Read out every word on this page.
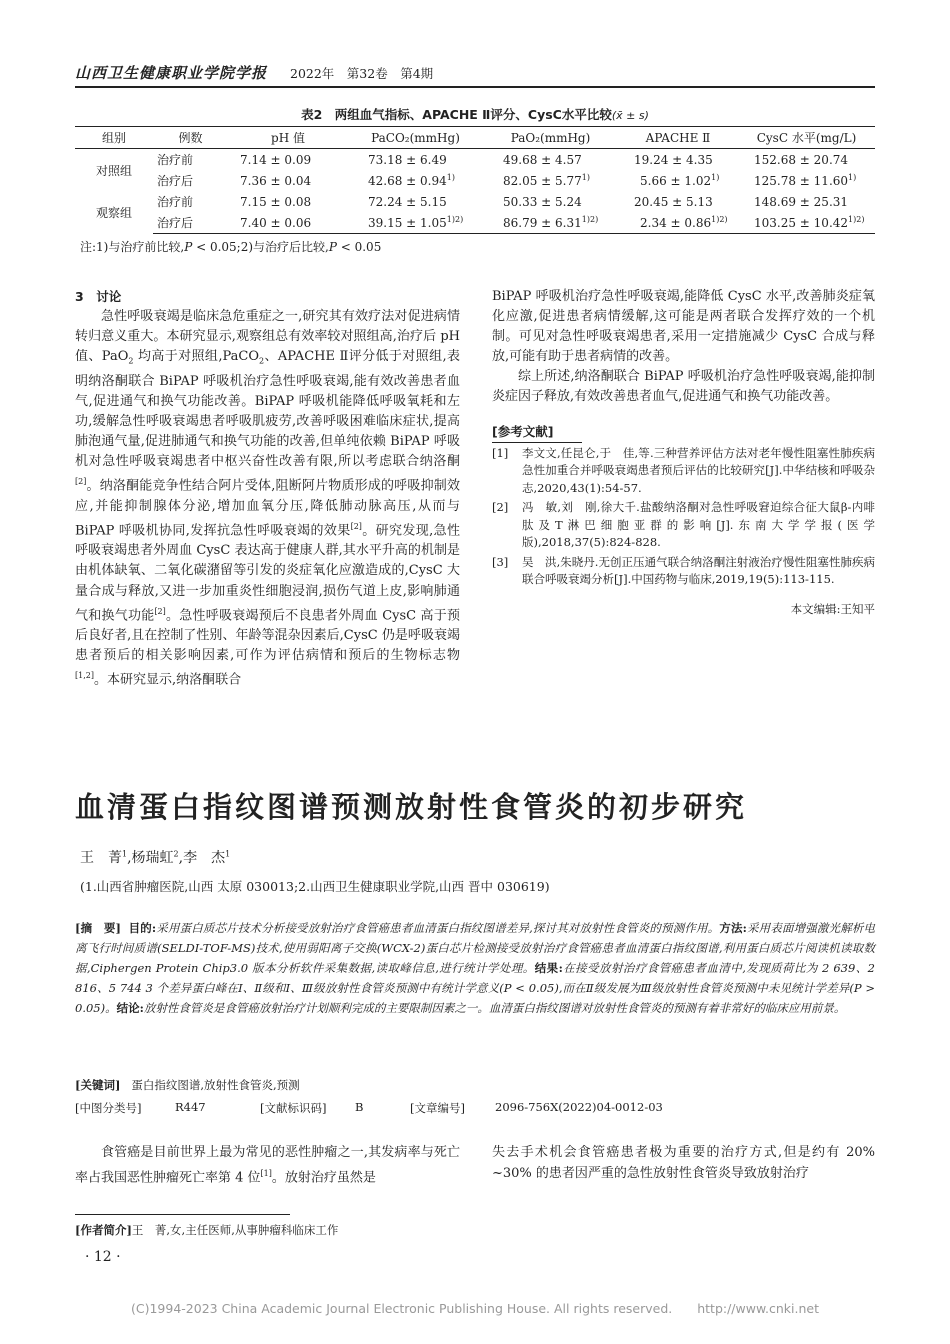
山西卫生健康职业学院学报 2022年　第32卷　第4期
表2　两组血气指标、APACHE Ⅱ评分、CysC水平比较(x̄ ± s)
组别	例数	pH 值	PaCO₂(mmHg)	PaO₂(mmHg)	APACHE Ⅱ	CysC 水平(mg/L)
对照组	治疗前	7.14 ± 0.09	73.18 ± 6.49	49.68 ± 4.57	19.24 ± 4.35	152.68 ± 20.74
	治疗后	7.36 ± 0.04	$42.68 \pm 0.94^{1)}$	$82.05 \pm 5.77^{1)}$	$5.66 \pm 1.02^{1)}$	$125.78 \pm 11.60^{1)}$
观察组	治疗前	7.15 ± 0.08	72.24 ± 5.15	50.33 ± 5.24	20.45 ± 5.13	148.69 ± 25.31
	治疗后	7.40 ± 0.06	$39.15 \pm 1.05^{1)2)}$	$86.79 \pm 6.31^{1)2)}$	$2.34 \pm 0.86^{1)2)}$	$103.25 \pm 10.42^{1)2)}$
注:1)与治疗前比较,P < 0.05;2)与治疗后比较,P < 0.05

3　讨论

急性呼吸衰竭是临床急危重症之一,研究其有效疗法对促进病情转归意义重大。本研究显示,观察组总有效率较对照组高,治疗后 pH 值、PaO$_2$ 均高于对照组,PaCO$_2$、APACHE Ⅱ评分低于对照组,表明纳洛酮联合 BiPAP 呼吸机治疗急性呼吸衰竭,能有效改善患者血气,促进通气和换气功能改善。BiPAP 呼吸机能降低呼吸氧耗和左功,缓解急性呼吸衰竭患者呼吸肌疲劳,改善呼吸困难临床症状,提高肺泡通气量,促进肺通气和换气功能的改善,但单纯依赖 BiPAP 呼吸机对急性呼吸衰竭患者中枢兴奋性改善有限,所以考虑联合纳洛酮[2]。纳洛酮能竞争性结合阿片受体,阻断阿片物质形成的呼吸抑制效应,并能抑制腺体分泌,增加血氧分压,降低肺动脉高压,从而与 BiPAP 呼吸机协同,发挥抗急性呼吸衰竭的效果[2]。研究发现,急性呼吸衰竭患者外周血 CysC 表达高于健康人群,其水平升高的机制是由机体缺氧、二氧化碳潴留等引发的炎症氧化应激造成的,CysC 大量合成与释放,又进一步加重炎性细胞浸润,损伤气道上皮,影响肺通气和换气功能[2]。急性呼吸衰竭预后不良患者外周血 CysC 高于预后良好者,且在控制了性别、年龄等混杂因素后,CysC 仍是呼吸衰竭患者预后的相关影响因素,可作为评估病情和预后的生物标志物[1,2]。本研究显示,纳洛酮联合

BiPAP 呼吸机治疗急性呼吸衰竭,能降低 CysC 水平,改善肺炎症氧化应激,促进患者病情缓解,这可能是两者联合发挥疗效的一个机制。可见对急性呼吸衰竭患者,采用一定措施减少 CysC 合成与释放,可能有助于患者病情的改善。

综上所述,纳洛酮联合 BiPAP 呼吸机治疗急性呼吸衰竭,能抑制炎症因子释放,有效改善患者血气,促进通气和换气功能改善。

[参考文献]

[1]	李文文,任昆仑,于　佳,等.三种营养评估方法对老年慢性阻塞性肺疾病急性加重合并呼吸衰竭患者预后评估的比较研究[J].中华结核和呼吸杂志,2020,43(1):54-57.
[2]	冯　敏,刘　刚,徐大千.盐酸纳洛酮对急性呼吸窘迫综合征大鼠β-内啡肽及T淋巴细胞亚群的影响[J].东南大学学报(医学版),2018,37(5):824-828.
[3]	吴　洪,朱晓丹.无创正压通气联合纳洛酮注射液治疗慢性阻塞性肺疾病联合呼吸衰竭分析[J].中国药物与临床,2019,19(5):113-115.
本文编辑:王知平
血清蛋白指纹图谱预测放射性食管炎的初步研究
王　菁$^1$,杨瑞虹$^2$,李　杰$^1$
(1.山西省肿瘤医院,山西 太原 030013;2.山西卫生健康职业学院,山西 晋中 030619)
[摘　要] 目的:采用蛋白质芯片技术分析接受放射治疗食管癌患者血清蛋白指纹图谱差异,探讨其对放射性食管炎的预测作用。方法:采用表面增强激光解析电离飞行时间质谱(SELDI-TOF-MS)技术,使用弱阳离子交换(WCX-2)蛋白芯片检测接受放射治疗食管癌患者血清蛋白指纹图谱,利用蛋白质芯片阅读机读取数据,Ciphergen Protein Chip3.0 版本分析软件采集数据,读取峰信息,进行统计学处理。结果:在接受放射治疗食管癌患者血清中,发现质荷比为 2 639、2 816、5 744 3 个差异蛋白峰在Ⅰ、Ⅱ级和Ⅰ、Ⅲ级放射性食管炎预测中有统计学意义(P < 0.05),而在Ⅱ级发展为Ⅲ级放射性食管炎预测中未见统计学差异(P > 0.05)。结论:放射性食管炎是食管癌放射治疗计划顺利完成的主要限制因素之一。血清蛋白指纹图谱对放射性食管炎的预测有着非常好的临床应用前景。
[关键词] 蛋白指纹图谱,放射性食管炎,预测
[中图分类号]	R447	[文献标识码] B	[文章编号]	2096-756X(2022)04-0012-03

食管癌是目前世界上最为常见的恶性肿瘤之一,其发病率与死亡率占我国恶性肿瘤死亡率第 4 位[1]。放射治疗虽然是

失去手术机会食管癌患者极为重要的治疗方式,但是约有 20% ~30% 的患者因严重的急性放射性食管炎导致放射治疗

[作者简介]王　菁,女,主任医师,从事肿瘤科临床工作
· 12 ·
(C)1994-2023 China Academic Journal Electronic Publishing House. All rights reserved.　　http://www.cnki.net
